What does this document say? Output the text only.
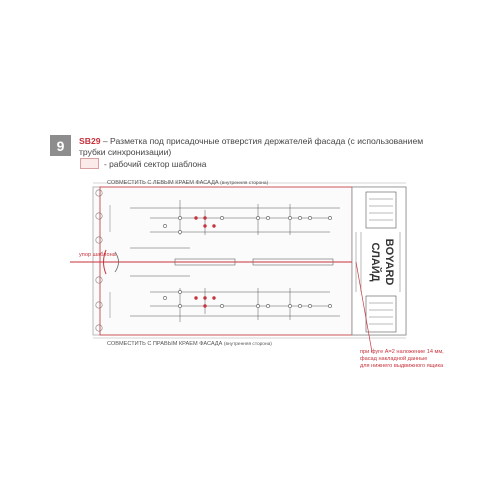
9 SB29 – Разметка под присадочные отверстия держателей фасада (с использованием трубки синхронизации)
- рабочий сектор шаблона
BOYARD
СЛАЙД
СОВМЕСТИТЬ С ЛЕВЫМ КРАЕМ ФАСАДА (внутренняя сторона)
СОВМЕСТИТЬ С ПРАВЫМ КРАЕМ ФАСАДА (внутренняя сторона)
упор шаблона
при фуге A=2 наложение 14 мм, фасад накладной данные для нижнего выдвижного ящика
